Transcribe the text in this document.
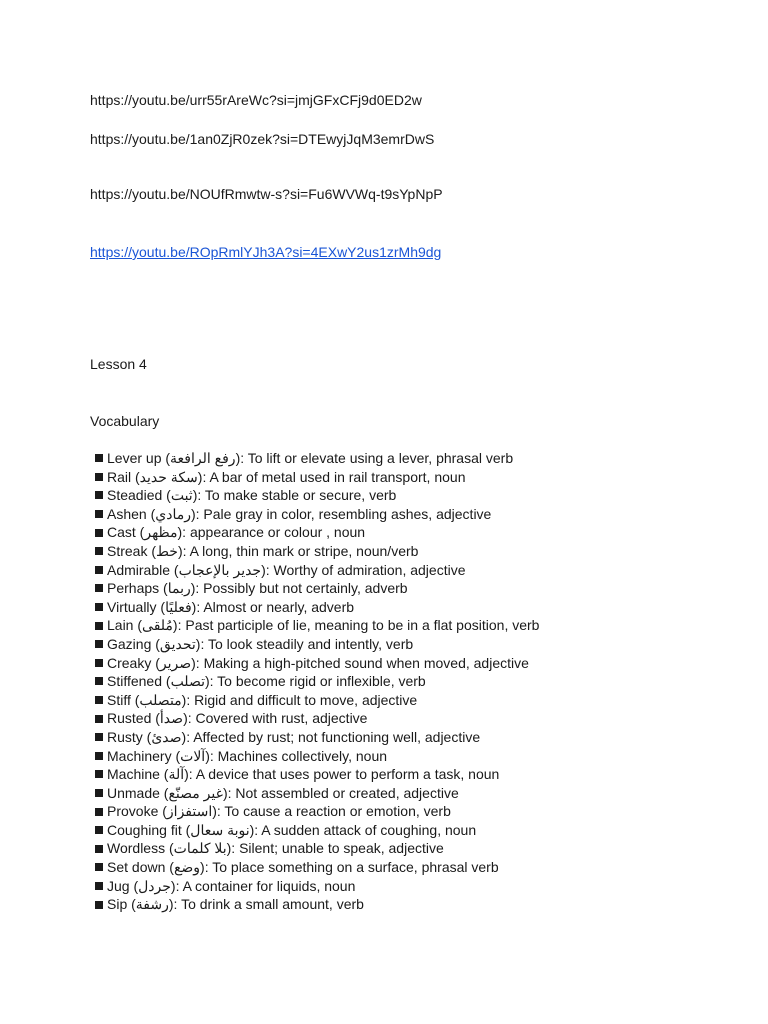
https://youtu.be/urr55rAreWc?si=jmjGFxCFj9d0ED2w
https://youtu.be/1an0ZjR0zek?si=DTEwyjJqM3emrDwS
https://youtu.be/NOUfRmwtw-s?si=Fu6WVWq-t9sYpNpP
https://youtu.be/ROpRmlYJh3A?si=4EXwY2us1zrMh9dg
Lesson 4
Vocabulary
Lever up (رفع الرافعة): To lift or elevate using a lever, phrasal verb
Rail (سكة حديد): A bar of metal used in rail transport, noun
Steadied (ثبت): To make stable or secure, verb
Ashen (رمادي): Pale gray in color, resembling ashes, adjective
Cast (مظهر): appearance or colour , noun
Streak (خط): A long, thin mark or stripe, noun/verb
Admirable (جدير بالإعجاب): Worthy of admiration, adjective
Perhaps (ربما): Possibly but not certainly, adverb
Virtually (فعليًا): Almost or nearly, adverb
Lain (مُلقى): Past participle of lie, meaning to be in a flat position, verb
Gazing (تحديق): To look steadily and intently, verb
Creaky (صرير): Making a high-pitched sound when moved, adjective
Stiffened (تصلب): To become rigid or inflexible, verb
Stiff (متصلب): Rigid and difficult to move, adjective
Rusted (صدأ): Covered with rust, adjective
Rusty (صدئ): Affected by rust; not functioning well, adjective
Machinery (آلات): Machines collectively, noun
Machine (آلة): A device that uses power to perform a task, noun
Unmade (غير مصنّع): Not assembled or created, adjective
Provoke (استفزاز): To cause a reaction or emotion, verb
Coughing fit (نوبة سعال): A sudden attack of coughing, noun
Wordless (بلا كلمات): Silent; unable to speak, adjective
Set down (وضع): To place something on a surface, phrasal verb
Jug (جردل): A container for liquids, noun
Sip (رشفة): To drink a small amount, verb
